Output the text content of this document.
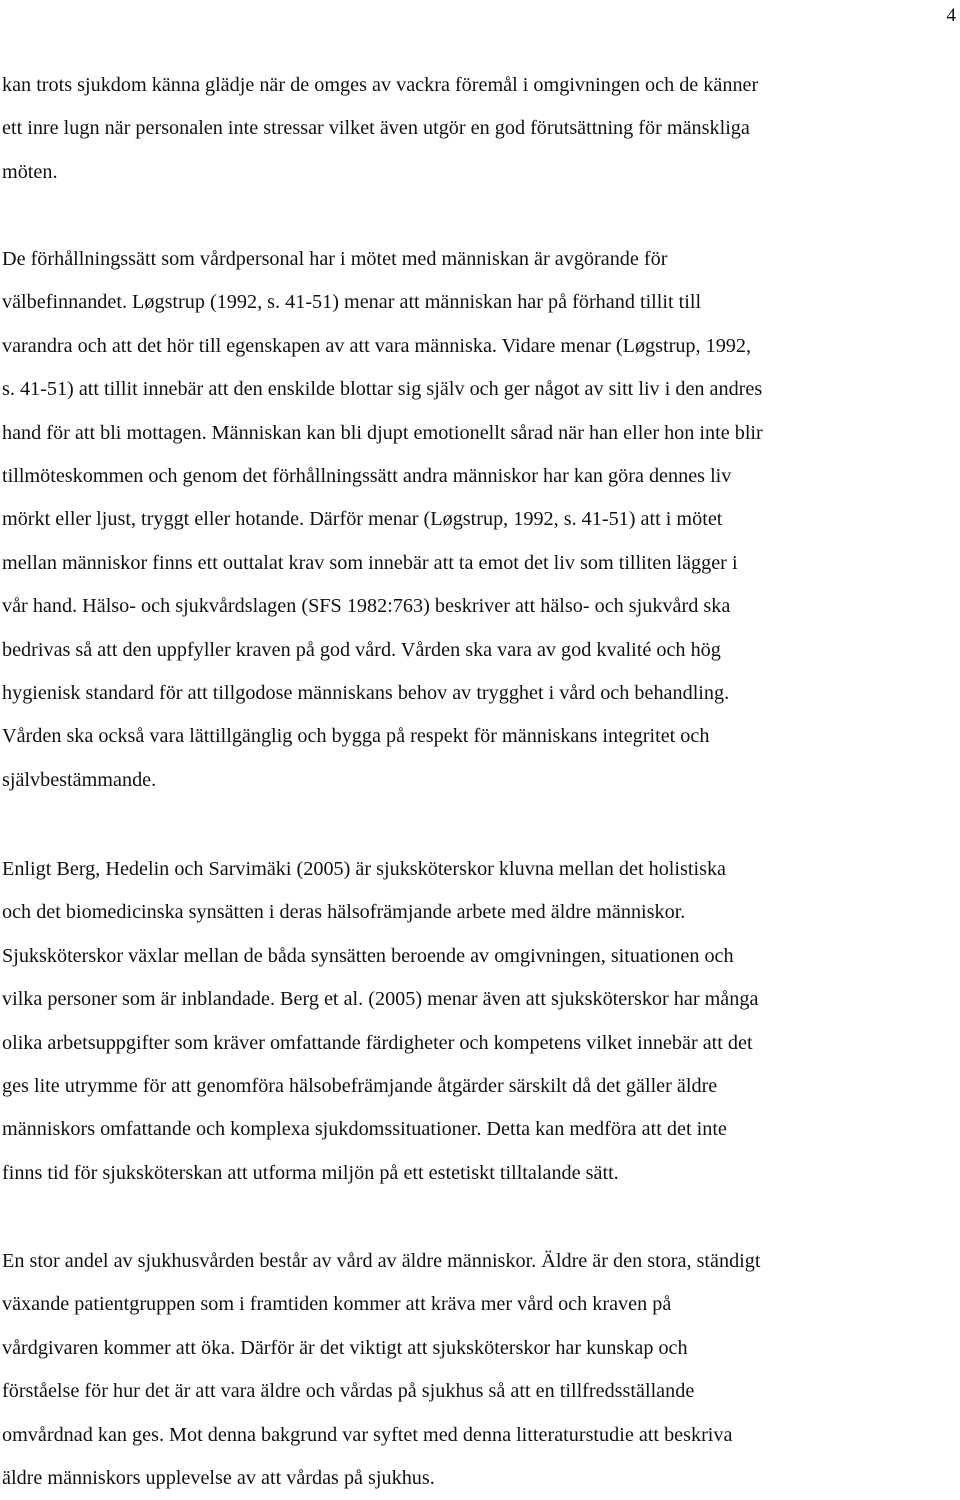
4

kan trots sjukdom känna glädje när de omges av vackra föremål i omgivningen och de känner
ett inre lugn när personalen inte stressar vilket även utgör en god förutsättning för mänskliga
möten.

De förhållningssätt som vårdpersonal har i mötet med människan är avgörande för
välbefinnandet. Løgstrup (1992, s. 41-51) menar att människan har på förhand tillit till
varandra och att det hör till egenskapen av att vara människa. Vidare menar (Løgstrup, 1992,
s. 41-51) att tillit innebär att den enskilde blottar sig själv och ger något av sitt liv i den andres
hand för att bli mottagen. Människan kan bli djupt emotionellt sårad när han eller hon inte blir
tillmöteskommen och genom det förhållningssätt andra människor har kan göra dennes liv
mörkt eller ljust, tryggt eller hotande. Därför menar (Løgstrup, 1992, s. 41-51) att i mötet
mellan människor finns ett outtalat krav som innebär att ta emot det liv som tilliten lägger i
vår hand. Hälso- och sjukvårdslagen (SFS 1982:763) beskriver att hälso- och sjukvård ska
bedrivas så att den uppfyller kraven på god vård. Vården ska vara av god kvalité och hög
hygienisk standard för att tillgodose människans behov av trygghet i vård och behandling.
Vården ska också vara lättillgänglig och bygga på respekt för människans integritet och
självbestämmande.

Enligt Berg, Hedelin och Sarvimäki (2005) är sjuksköterskor kluvna mellan det holistiska
och det biomedicinska synsätten i deras hälsofrämjande arbete med äldre människor.
Sjuksköterskor växlar mellan de båda synsätten beroende av omgivningen, situationen och
vilka personer som är inblandade. Berg et al. (2005) menar även att sjuksköterskor har många
olika arbetsuppgifter som kräver omfattande färdigheter och kompetens vilket innebär att det
ges lite utrymme för att genomföra hälsobefrämjande åtgärder särskilt då det gäller äldre
människors omfattande och komplexa sjukdomssituationer. Detta kan medföra att det inte
finns tid för sjuksköterskan att utforma miljön på ett estetiskt tilltalande sätt.

En stor andel av sjukhusvården består av vård av äldre människor. Äldre är den stora, ständigt
växande patientgruppen som i framtiden kommer att kräva mer vård och kraven på
vårdgivaren kommer att öka. Därför är det viktigt att sjuksköterskor har kunskap och
förståelse för hur det är att vara äldre och vårdas på sjukhus så att en tillfredsställande
omvårdnad kan ges. Mot denna bakgrund var syftet med denna litteraturstudie att beskriva
äldre människors upplevelse av att vårdas på sjukhus.
